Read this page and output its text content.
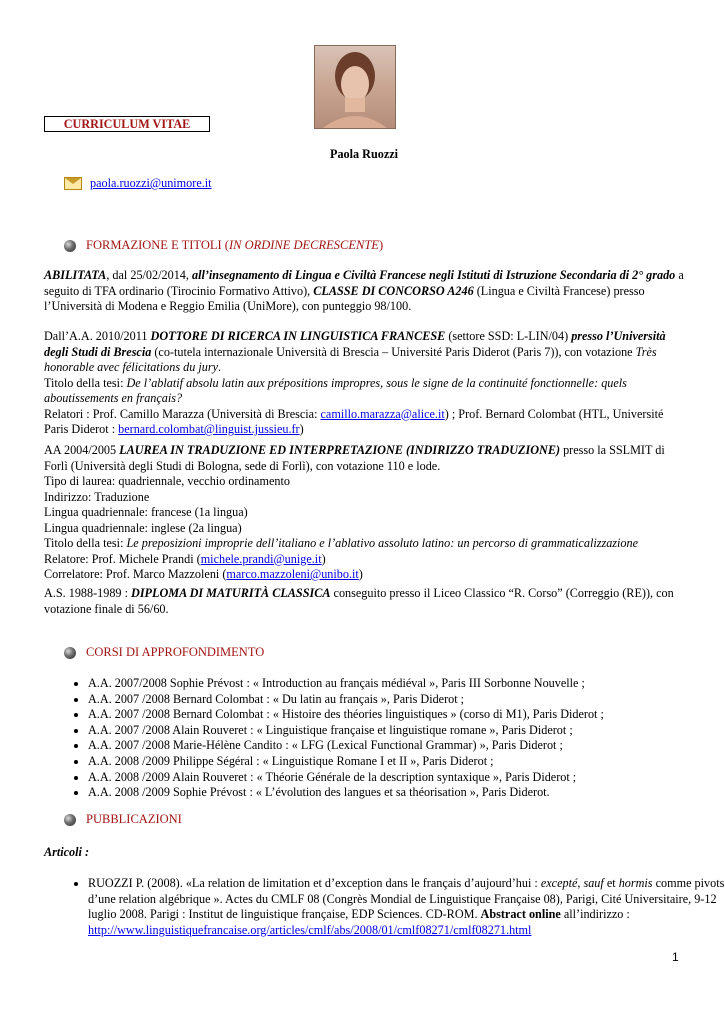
CURRICULUM VITAE
Paola Ruozzi
paola.ruozzi@unimore.it
FORMAZIONE E TITOLI (IN ORDINE DECRESCENTE)
ABILITATA, dal 25/02/2014, all’insegnamento di Lingua e Civiltà Francese negli Istituti di Istruzione Secondaria di 2° grado a seguito di TFA ordinario (Tirocinio Formativo Attivo), CLASSE DI CONCORSO A246 (Lingua e Civiltà Francese) presso l’Università di Modena e Reggio Emilia (UniMore), con punteggio 98/100.
Dall’A.A. 2010/2011 DOTTORE DI RICERCA IN LINGUISTICA FRANCESE (settore SSD: L-LIN/04) presso l’Università degli Studi di Brescia (co-tutela internazionale Università di Brescia – Université Paris Diderot (Paris 7)), con votazione Très honorable avec félicitations du jury.
Titolo della tesi: De l’ablatif absolu latin aux prépositions impropres, sous le signe de la continuité fonctionnelle: quels aboutissements en français?
Relatori : Prof. Camillo Marazza (Università di Brescia: camillo.marazza@alice.it) ; Prof. Bernard Colombat (HTL, Université Paris Diderot : bernard.colombat@linguist.jussieu.fr)
AA 2004/2005 LAUREA IN TRADUZIONE ED INTERPRETAZIONE (INDIRIZZO TRADUZIONE) presso la SSLMIT di Forlì (Università degli Studi di Bologna, sede di Forlì), con votazione 110 e lode.
Tipo di laurea: quadriennale, vecchio ordinamento
Indirizzo: Traduzione
Lingua quadriennale: francese (1a lingua)
Lingua quadriennale: inglese (2a lingua)
Titolo della tesi: Le preposizioni improprie dell’italiano e l’ablativo assoluto latino: un percorso di grammaticalizzazione
Relatore: Prof. Michele Prandi (michele.prandi@unige.it)
Correlatore: Prof. Marco Mazzoleni (marco.mazzoleni@unibo.it)
A.S. 1988-1989 : DIPLOMA DI MATURITÀ CLASSICA conseguito presso il Liceo Classico “R. Corso” (Correggio (RE)), con votazione finale di 56/60.
CORSI DI APPROFONDIMENTO
• A.A. 2007/2008 Sophie Prévost : « Introduction au français médiéval », Paris III Sorbonne Nouvelle ;
• A.A. 2007 /2008 Bernard Colombat : « Du latin au français », Paris Diderot ;
• A.A. 2007 /2008 Bernard Colombat : « Histoire des théories linguistiques » (corso di M1), Paris Diderot ;
• A.A. 2007 /2008 Alain Rouveret : « Linguistique française et linguistique romane », Paris Diderot ;
• A.A. 2007 /2008 Marie-Hélène Candito : « LFG (Lexical Functional Grammar) », Paris Diderot ;
• A.A. 2008 /2009 Philippe Ségéral : « Linguistique Romane I et II », Paris Diderot ;
• A.A. 2008 /2009 Alain Rouveret : « Théorie Générale de la description syntaxique », Paris Diderot ;
• A.A. 2008 /2009 Sophie Prévost : « L’évolution des langues et sa théorisation », Paris Diderot.
PUBBLICAZIONI
Articoli :
• RUOZZI P. (2008). «La relation de limitation et d’exception dans le français d’aujourd’hui : excepté, sauf et hormis comme pivots d’une relation algébrique ». Actes du CMLF 08 (Congrès Mondial de Linguistique Française 08), Parigi, Cité Universitaire, 9-12 luglio 2008. Parigi : Institut de linguistique française, EDP Sciences. CD-ROM. Abstract online all’indirizzo : http://www.linguistiquefrancaise.org/articles/cmlf/abs/2008/01/cmlf08271/cmlf08271.html
1
